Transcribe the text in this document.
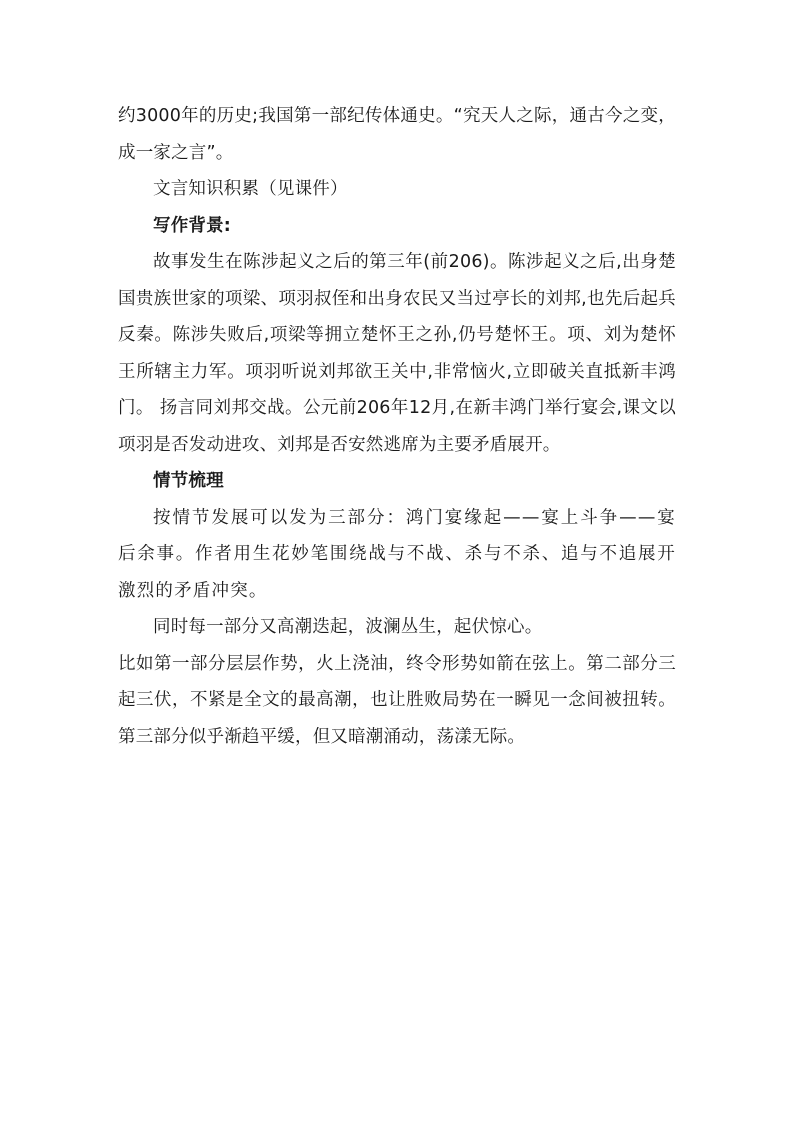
约3000年的历史;我国第一部纪传体通史。“究天人之际，通古今之变，成一家之言”。

文言知识积累（见课件）

写作背景:

故事发生在陈涉起义之后的第三年(前206)。陈涉起义之后,出身楚国贵族世家的项梁、项羽叔侄和出身农民又当过亭长的刘邦,也先后起兵反秦。陈涉失败后,项梁等拥立楚怀王之孙,仍号楚怀王。项、刘为楚怀王所辖主力军。项羽听说刘邦欲王关中,非常恼火,立即破关直抵新丰鸿门。 扬言同刘邦交战。公元前206年12月,在新丰鸿门举行宴会,课文以项羽是否发动进攻、刘邦是否安然逃席为主要矛盾展开。

情节梳理

按情节发展可以发为三部分：鸿门宴缘起——宴上斗争——宴后余事。作者用生花妙笔围绕战与不战、杀与不杀、追与不追展开激烈的矛盾冲突。

同时每一部分又高潮迭起，波澜丛生，起伏惊心。

比如第一部分层层作势，火上浇油，终令形势如箭在弦上。第二部分三起三伏，不紧是全文的最高潮，也让胜败局势在一瞬见一念间被扭转。第三部分似乎渐趋平缓，但又暗潮涌动，荡漾无际。
